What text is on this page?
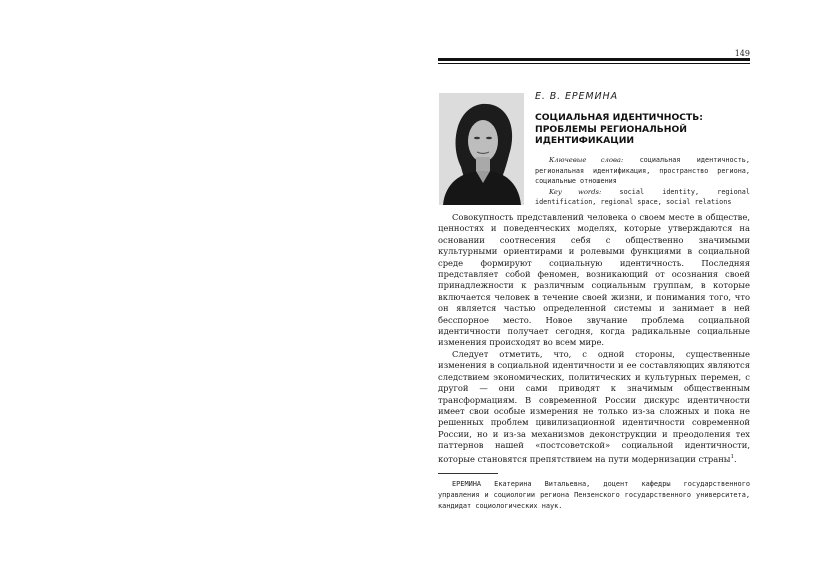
149
Е. В. ЕРЕМИНА
СОЦИАЛЬНАЯ ИДЕНТИЧНОСТЬ: ПРОБЛЕМЫ РЕГИОНАЛЬНОЙ ИДЕНТИФИКАЦИИ
Ключевые слова: социальная идентичность, региональная идентификация, пространство региона, социальные отношения
Key words:	social identity, regional identification, regional space, social relations

Совокупность представлений человека о своем месте в обществе, ценностях и поведенческих моделях, которые утверждаются на основании соотнесения себя с общественно значимыми культурными ориентирами и ролевыми функциями в социальной среде формируют социальную идентичность. Последняя представляет собой феномен, возникающий от осознания своей принадлежности к различным социальным группам, в которые включается человек в течение своей жизни, и понимания того, что он является частью определенной системы и занимает в ней бесспорное место. Новое звучание проблема социальной идентичности получает сегодня, когда радикальные социальные изменения происходят во всем мире.

Следует отметить, что, с одной стороны, существенные изменения в социальной идентичности и ее составляющих являются следствием экономических, политических и культурных перемен, с другой — они сами приводят к значимым общественным трансформациям. В современной России дискурс идентичности имеет свои особые измерения не только из-за сложных и пока не решенных проблем цивилизационной идентичности современной России, но и из-за механизмов деконструкции и преодоления тех паттернов нашей «постсоветской» социальной идентичности, которые становятся препятствием на пути модернизации страны$^1$.

ЕРЕМИНА Екатерина Витальевна, доцент кафедры государственного управления и социологии региона Пензенского государственного университета, кандидат социологических наук.
